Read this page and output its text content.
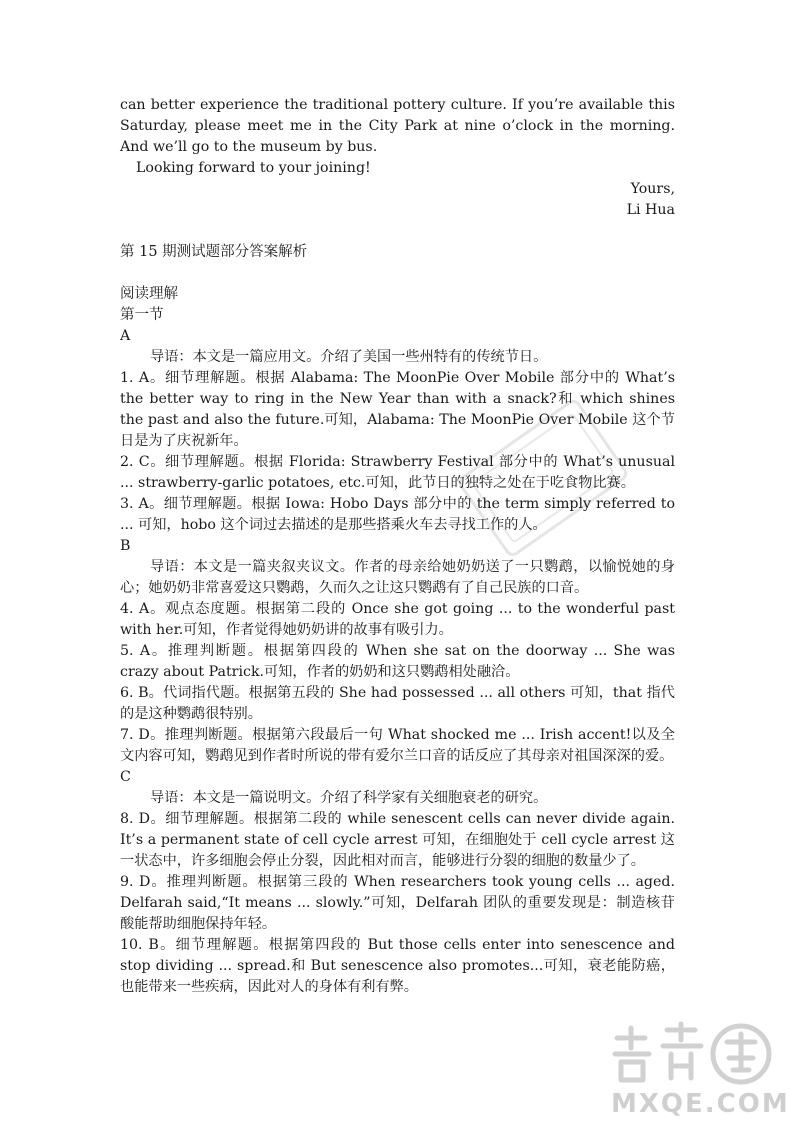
can better experience the traditional pottery culture. If you’re available this Saturday, please meet me in the City Park at nine o’clock in the morning. And we’ll go to the museum by bus.

Looking forward to your joining!

Yours,

Li Hua

第 15 期测试题部分答案解析

阅读理解

第一节

A

导语：本文是一篇应用文。介绍了美国一些州特有的传统节日。

1. A。细节理解题。根据 Alabama: The MoonPie Over Mobile 部分中的 What’s the better way to ring in the New Year than with a snack?和 which shines the past and also the future.可知，Alabama: The MoonPie Over Mobile 这个节日是为了庆祝新年。

2. C。细节理解题。根据 Florida: Strawberry Festival 部分中的 What’s unusual ... strawberry-garlic potatoes, etc.可知，此节日的独特之处在于吃食物比赛。

3. A。细节理解题。根据 Iowa: Hobo Days 部分中的 the term simply referred to ... 可知，hobo 这个词过去描述的是那些搭乘火车去寻找工作的人。

B

导语：本文是一篇夹叙夹议文。作者的母亲给她奶奶送了一只鹦鹉，以愉悦她的身心；她奶奶非常喜爱这只鹦鹉，久而久之让这只鹦鹉有了自己民族的口音。

4. A。观点态度题。根据第二段的 Once she got going ... to the wonderful past with her.可知，作者觉得她奶奶讲的故事有吸引力。

5. A。推理判断题。根据第四段的 When she sat on the doorway ... She was crazy about Patrick.可知，作者的奶奶和这只鹦鹉相处融洽。

6. B。代词指代题。根据第五段的 She had possessed ... all others 可知，that 指代的是这种鹦鹉很特别。

7. D。推理判断题。根据第六段最后一句 What shocked me ... Irish accent!以及全文内容可知，鹦鹉见到作者时所说的带有爱尔兰口音的话反应了其母亲对祖国深深的爱。

C

导语：本文是一篇说明文。介绍了科学家有关细胞衰老的研究。

8. D。细节理解题。根据第二段的 while senescent cells can never divide again. It’s a permanent state of cell cycle arrest 可知，在细胞处于 cell cycle arrest 这一状态中，许多细胞会停止分裂，因此相对而言，能够进行分裂的细胞的数量少了。

9. D。推理判断题。根据第三段的 When researchers took young cells ... aged. Delfarah said,“It means ... slowly.”可知，Delfarah 团队的重要发现是：制造核苷酸能帮助细胞保持年轻。

10. B。细节理解题。根据第四段的 But those cells enter into senescence and stop dividing ... spread.和 But senescence also promotes...可知，衰老能防癌，也能带来一些疾病，因此对人的身体有利有弊。

MXQE.COM
